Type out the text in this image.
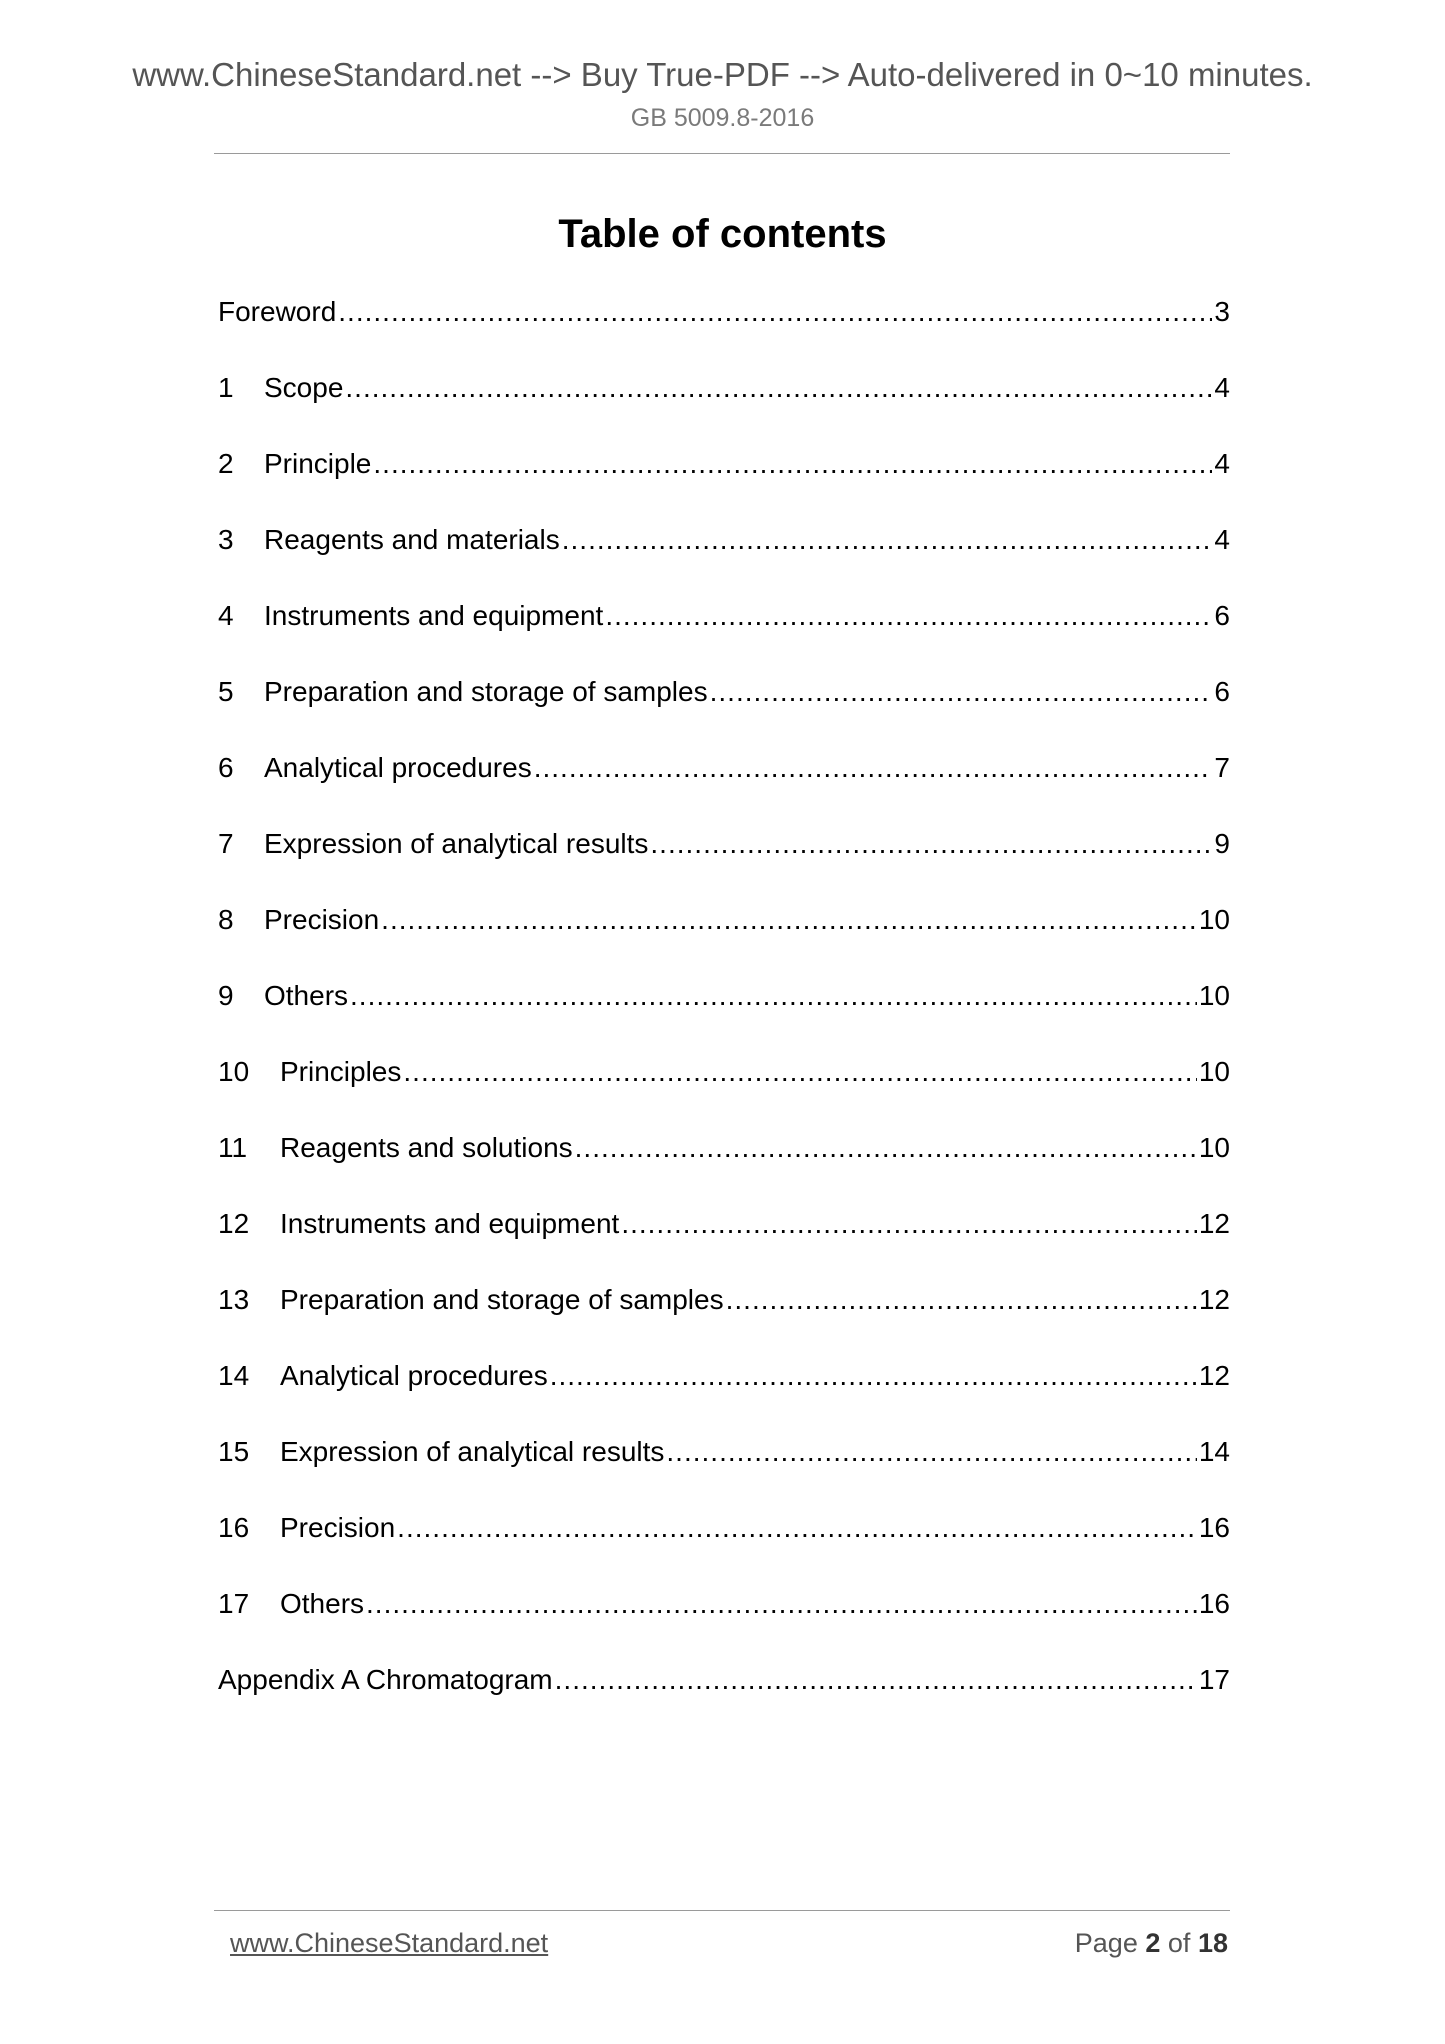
www.ChineseStandard.net --> Buy True-PDF --> Auto-delivered in 0~10 minutes.
GB 5009.8-2016
Table of contents
Foreword .....	3
1	Scope .....	4
2	Principle .....	4
3	Reagents and materials .....	4
4	Instruments and equipment .....	6
5	Preparation and storage of samples .....	6
6	Analytical procedures .....	7
7	Expression of analytical results .....	9
8	Precision .....	10
9	Others .....	10
10	Principles .....	10
11	Reagents and solutions .....	10
12	Instruments and equipment .....	12
13	Preparation and storage of samples .....	12
14	Analytical procedures .....	12
15	Expression of analytical results .....	14
16	Precision .....	16
17	Others .....	16
Appendix A Chromatogram .....	17
www.ChineseStandard.net	Page 2 of 18
